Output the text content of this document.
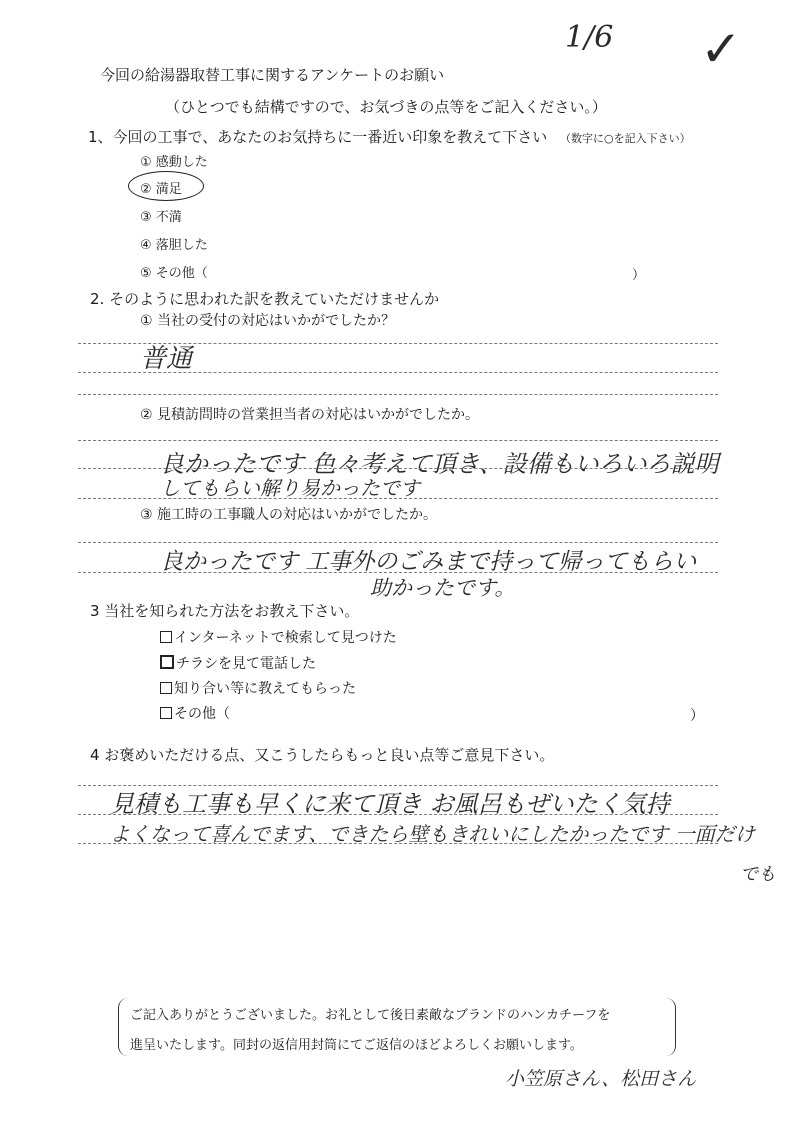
1/6 ✓
今回の給湯器取替工事に関するアンケートのお願い
（ひとつでも結構ですので、お気づきの点等をご記入ください。）
1、今回の工事で、あなたのお気持ちに一番近い印象を教えて下さい （数字に○を記入下さい）
① 感動した
② 満足
③ 不満
④ 落胆した
⑤ その他（	）
2. そのように思われた訳を教えていただけませんか
① 当社の受付の対応はいかがでしたか？
普通
② 見積訪問時の営業担当者の対応はいかがでしたか。
良かったです 色々考えて頂き、設備もいろいろ説明
してもらい解り易かったです
③ 施工時の工事職人の対応はいかがでしたか。
良かったです 工事外のごみまで持って帰ってもらい
助かったです。
3 当社を知られた方法をお教え下さい。
インターネットで検索して見つけた
チラシを見て電話した
知り合い等に教えてもらった
その他（	）
4 お褒めいただける点、又こうしたらもっと良い点等ご意見下さい。
見積も工事も早くに来て頂き お風呂もぜいたく気持
よくなって喜んでます、できたら壁もきれいにしたかったです 一面だけ
でも
ご記入ありがとうございました。お礼として後日素敵なブランドのハンカチーフを
進呈いたします。同封の返信用封筒にてご返信のほどよろしくお願いします。
小笠原さん、松田さん
